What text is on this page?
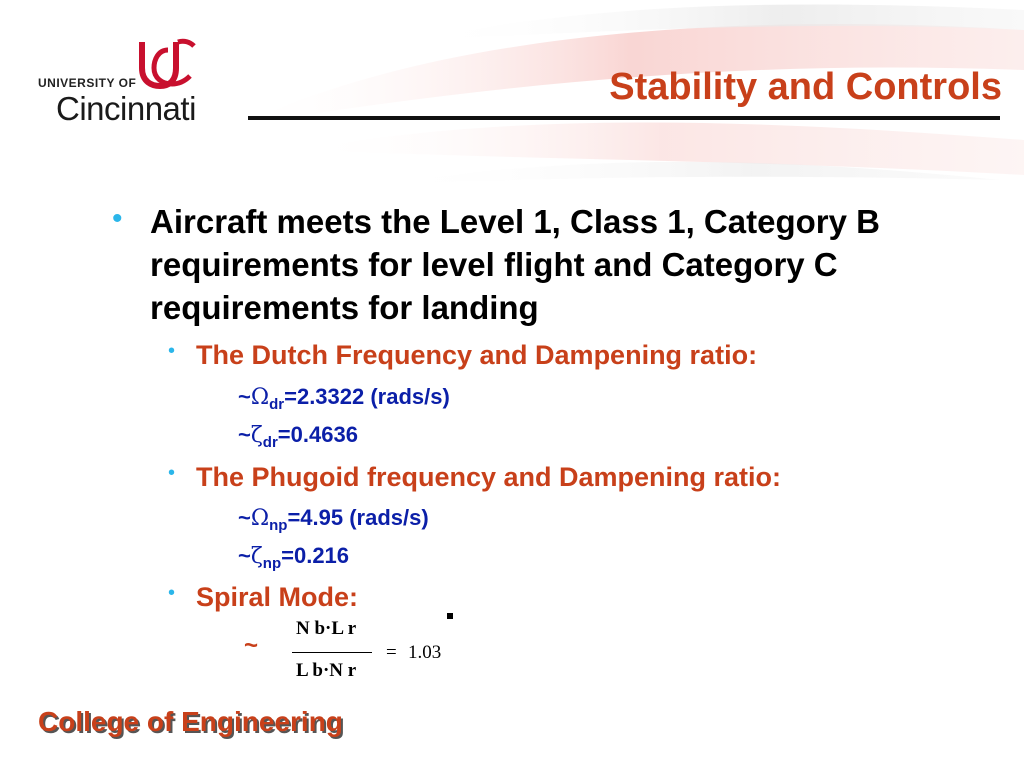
UNIVERSITY OF
Cincinnati
Stability and Controls
• Aircraft meets the Level 1, Class 1, Category B requirements for level flight and Category C requirements for landing
• The Dutch Frequency and Dampening ratio:
$\sim\Omega_{dr}=2.3322$ (rads/s)
$\sim\zeta_{dr}=0.4636$
• The Phugoid frequency and Dampening ratio:
$\sim\Omega_{np}=4.95$ (rads/s)
$\sim\zeta_{np}=0.216$
• Spiral Mode:
~
N b·L r
L b·N r
= 1.03
College of Engineering
